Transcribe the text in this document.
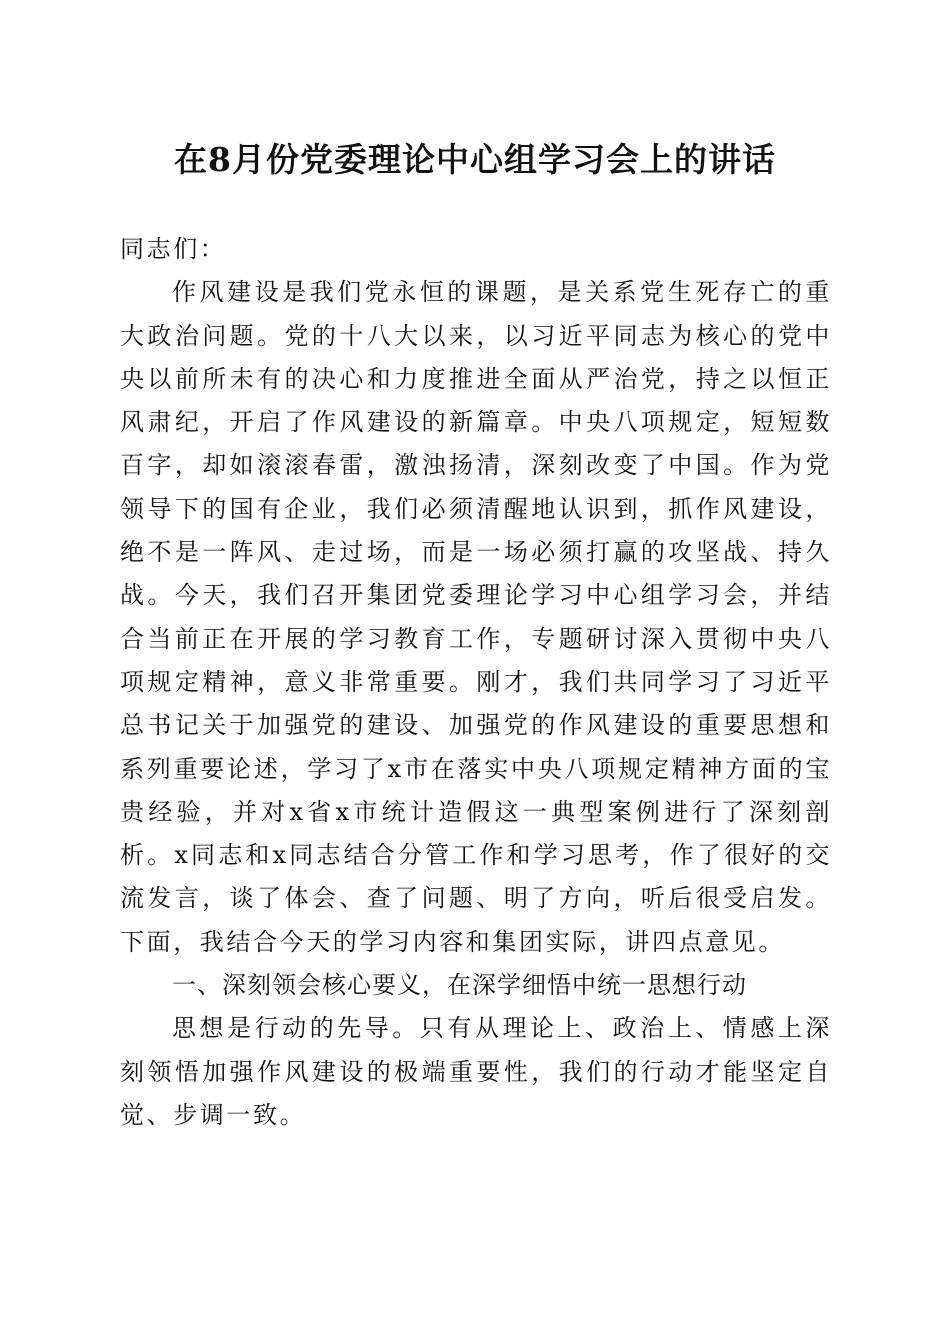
在8月份党委理论中心组学习会上的讲话

同志们：

作风建设是我们党永恒的课题，是关系党生死存亡的重大政治问题。党的十八大以来，以习近平同志为核心的党中央以前所未有的决心和力度推进全面从严治党，持之以恒正风肃纪，开启了作风建设的新篇章。中央八项规定，短短数百字，却如滚滚春雷，激浊扬清，深刻改变了中国。作为党领导下的国有企业，我们必须清醒地认识到，抓作风建设，绝不是一阵风、走过场，而是一场必须打赢的攻坚战、持久战。今天，我们召开集团党委理论学习中心组学习会，并结合当前正在开展的学习教育工作，专题研讨深入贯彻中央八项规定精神，意义非常重要。刚才，我们共同学习了习近平总书记关于加强党的建设、加强党的作风建设的重要思想和系列重要论述，学习了x市在落实中央八项规定精神方面的宝贵经验，并对x省x市统计造假这一典型案例进行了深刻剖析。x同志和x同志结合分管工作和学习思考，作了很好的交流发言，谈了体会、查了问题、明了方向，听后很受启发。下面，我结合今天的学习内容和集团实际，讲四点意见。

一、深刻领会核心要义，在深学细悟中统一思想行动

思想是行动的先导。只有从理论上、政治上、情感上深刻领悟加强作风建设的极端重要性，我们的行动才能坚定自觉、步调一致。
